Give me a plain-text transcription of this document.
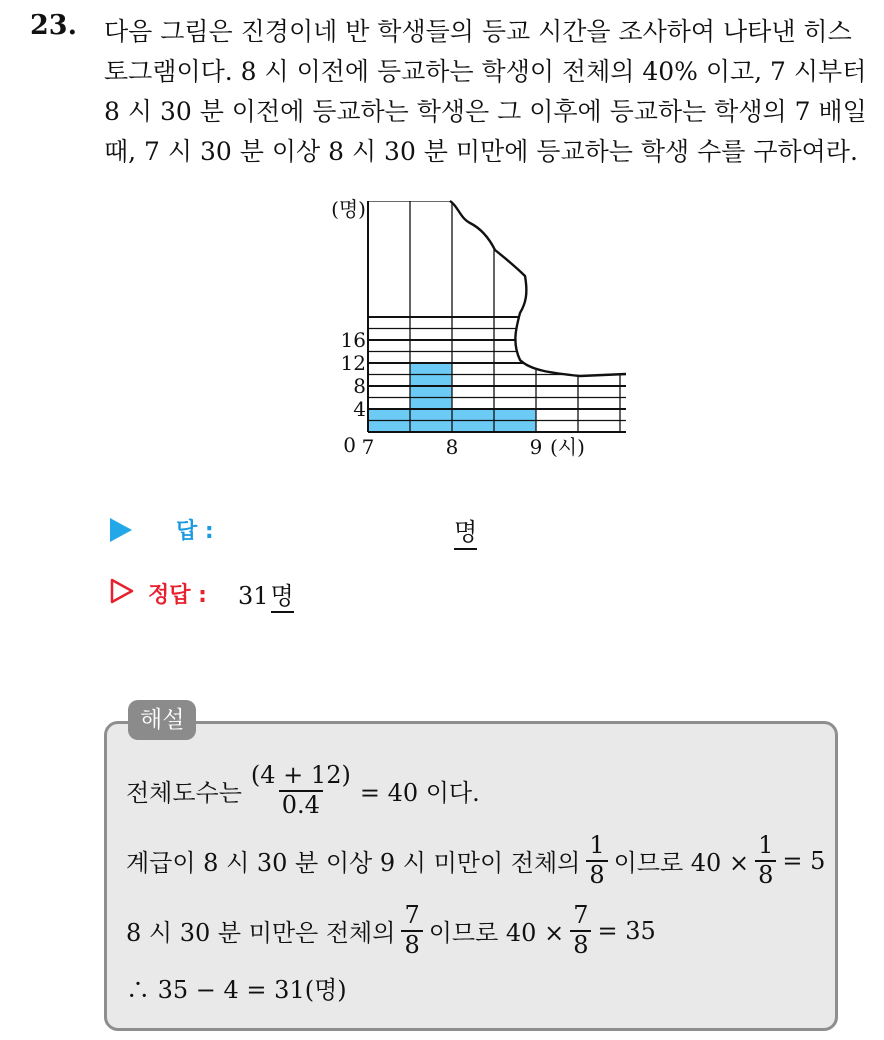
23. 다음 그림은 진경이네 반 학생들의 등교 시간을 조사하여 나타낸 히스
토그램이다. 8 시 이전에 등교하는 학생이 전체의 40% 이고, 7 시부터
8 시 30 분 이전에 등교하는 학생은 그 이후에 등교하는 학생의 7 배일
때, 7 시 30 분 이상 8 시 30 분 미만에 등교하는 학생 수를 구하여라.
(명)
4
8
12
16
0 7	8	9 (시)
답 :	명
정답 : 31명
해설
전체도수는 $\frac{(4 + 12)}{0.4} = 40$ 이다.
계급이 8 시 30 분 이상 9 시 미만이 전체의 $\frac{1}{8}$ 이므로 $40 \times \frac{1}{8} = 5$
8 시 30 분 미만은 전체의 $\frac{7}{8}$ 이므로 $40 \times \frac{7}{8} = 35$
∴ 35 − 4 = 31(명)
